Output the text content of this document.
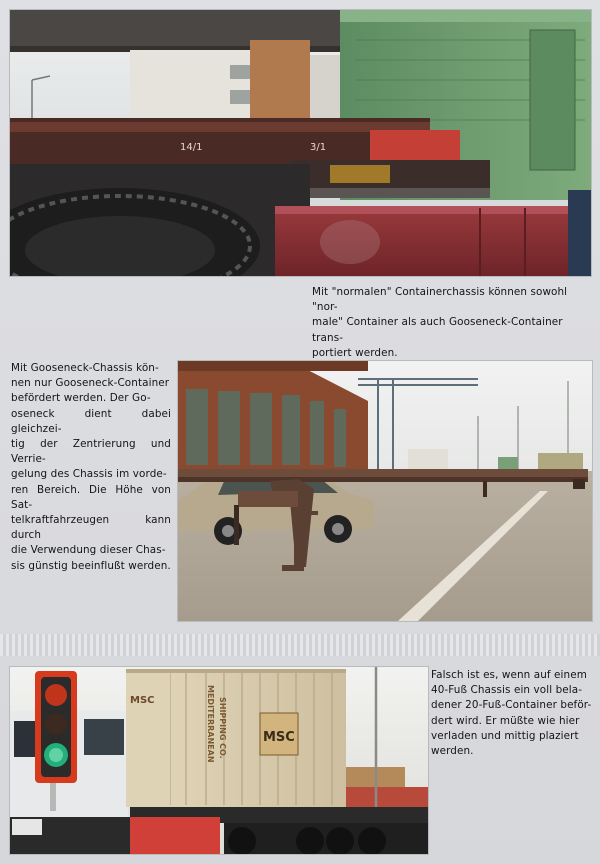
14/1	3/1
Mit "normalen" Containerchassis können sowohl "nor-
male" Container als auch Gooseneck-Container trans-
portiert werden.
Mit Gooseneck-Chassis kön-
nen nur Gooseneck-Container
befördert werden. Der Go-
oseneck dient dabei gleichzei-
tig der Zentrierung und Verrie-
gelung des Chassis im vorde-
ren Bereich. Die Höhe von Sat-
telkraftfahrzeugen kann durch
die Verwendung dieser Chas-
sis günstig beeinflußt werden.
MSC	MEDITERRANEAN SHIPPING CO.	MSC
Falsch ist es, wenn auf einem
40-Fuß Chassis ein voll bela-
dener 20-Fuß-Container beför-
dert wird. Er müßte wie hier
verladen und mittig plaziert
werden.
